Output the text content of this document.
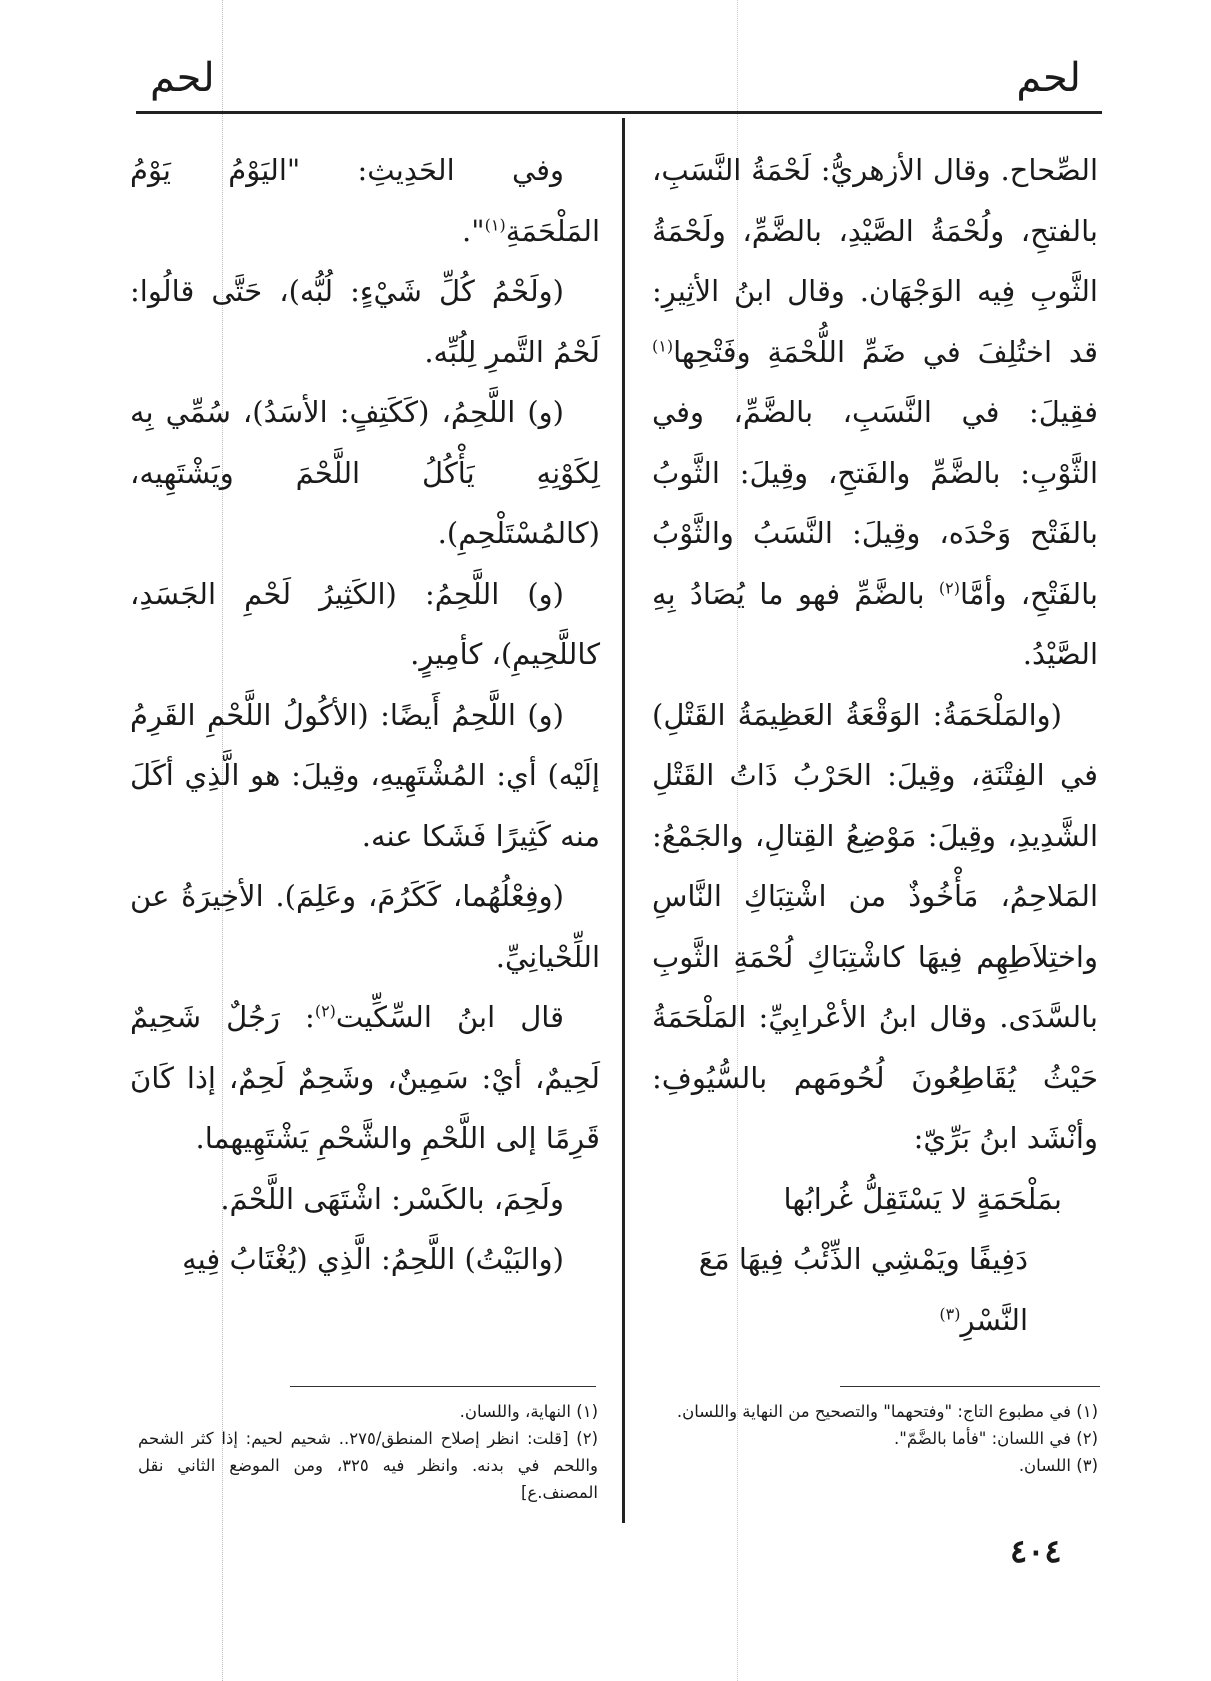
لحم
لحم

الصِّحاح. وقال الأزهريُّ: لَحْمَةُ النَّسَبِ، بالفتحِ، ولُحْمَةُ الصَّيْدِ، بالضَّمِّ، ولَحْمَةُ الثَّوبِ فِيه الوَجْهَان. وقال ابنُ الأثِيرِ: قد اختُلِفَ في ضَمِّ اللُّحْمَةِ وفَتْحِها$^{(١)}$ فقِيلَ: في النَّسَبِ، بالضَّمِّ، وفي الثَّوْبِ: بالضَّمِّ والفَتحِ، وقِيلَ: الثَّوبُ بالفَتْح وَحْدَه، وقِيلَ: النَّسَبُ والثَّوْبُ بالفَتْحِ، وأمَّا$^{(٢)}$ بالضَّمِّ فهو ما يُصَادُ بِهِ الصَّيْدُ.

(والمَلْحَمَةُ: الوَقْعَةُ العَظِيمَةُ القَتْلِ) في الفِتْنَةِ، وقِيلَ: الحَرْبُ ذَاتُ القَتْلِ الشَّدِيدِ، وقِيلَ: مَوْضِعُ القِتالِ، والجَمْعُ: المَلاحِمُ، مَأْخُوذٌ من اشْتِبَاكِ النَّاسِ واختِلاَطِهِم فِيهَا كاشْتِبَاكِ لُحْمَةِ الثَّوبِ بالسَّدَى. وقال ابنُ الأعْرابِيِّ: المَلْحَمَةُ حَيْثُ يُقَاطِعُونَ لُحُومَهم بالسُّيُوفِ: وأنْشَد ابنُ بَرِّيّ:

بمَلْحَمَةٍ لا يَسْتَقِلُّ غُرابُها

دَفِيفًا ويَمْشِي الذِّئْبُ فِيهَا مَعَ النَّسْرِ$^{(٣)}$

وفي الحَدِيثِ: "اليَوْمُ يَوْمُ المَلْحَمَةِ$^{(١)}$".

(ولَحْمُ كُلِّ شَيْءٍ: لُبُّه)، حَتَّى قالُوا: لَحْمُ التَّمرِ لِلُبِّه.

(و) اللَّحِمُ، (كَكَتِفٍ: الأسَدُ)، سُمِّي بِه لِكَوْنِهِ يَأْكُلُ اللَّحْمَ ويَشْتَهِيه، (كالمُسْتَلْحِمِ).

(و) اللَّحِمُ: (الكَثِيرُ لَحْمِ الجَسَدِ، كاللَّحِيمِ)، كأمِيرٍ.

(و) اللَّحِمُ أَيضًا: (الأكُولُ اللَّحْمِ القَرِمُ إلَيْه) أي: المُشْتَهِيهِ، وقِيلَ: هو الَّذِي أكَلَ منه كَثِيرًا فَشَكا عنه.

(وفِعْلُهُما، كَكَرُمَ، وعَلِمَ). الأخِيرَةُ عن اللِّحْيانِيِّ.

قال ابنُ السِّكِّيت$^{(٢)}$: رَجُلٌ شَحِيمٌ لَحِيمٌ، أيْ: سَمِينٌ، وشَحِمٌ لَحِمٌ، إذا كَانَ قَرِمًا إلى اللَّحْمِ والشَّحْمِ يَشْتَهِيهما.

ولَحِمَ، بالكَسْر: اشْتَهَى اللَّحْمَ.

(والبَيْتُ) اللَّحِمُ: الَّذِي (يُغْتَابُ فِيهِ

(١) في مطبوع التاج: "وفتحهما" والتصحيح من النهاية واللسان.

(٢) في اللسان: "فأما بالضَّمّ".

(٣) اللسان.

(١) النهاية، واللسان.

(٢) [قلت: انظر إصلاح المنطق/٢٧٥.. شحيم لحيم: إذا كثر الشحم واللحم في بدنه. وانظر فيه ٣٢٥، ومن الموضع الثاني نقل المصنف.ع]

٤٠٤
